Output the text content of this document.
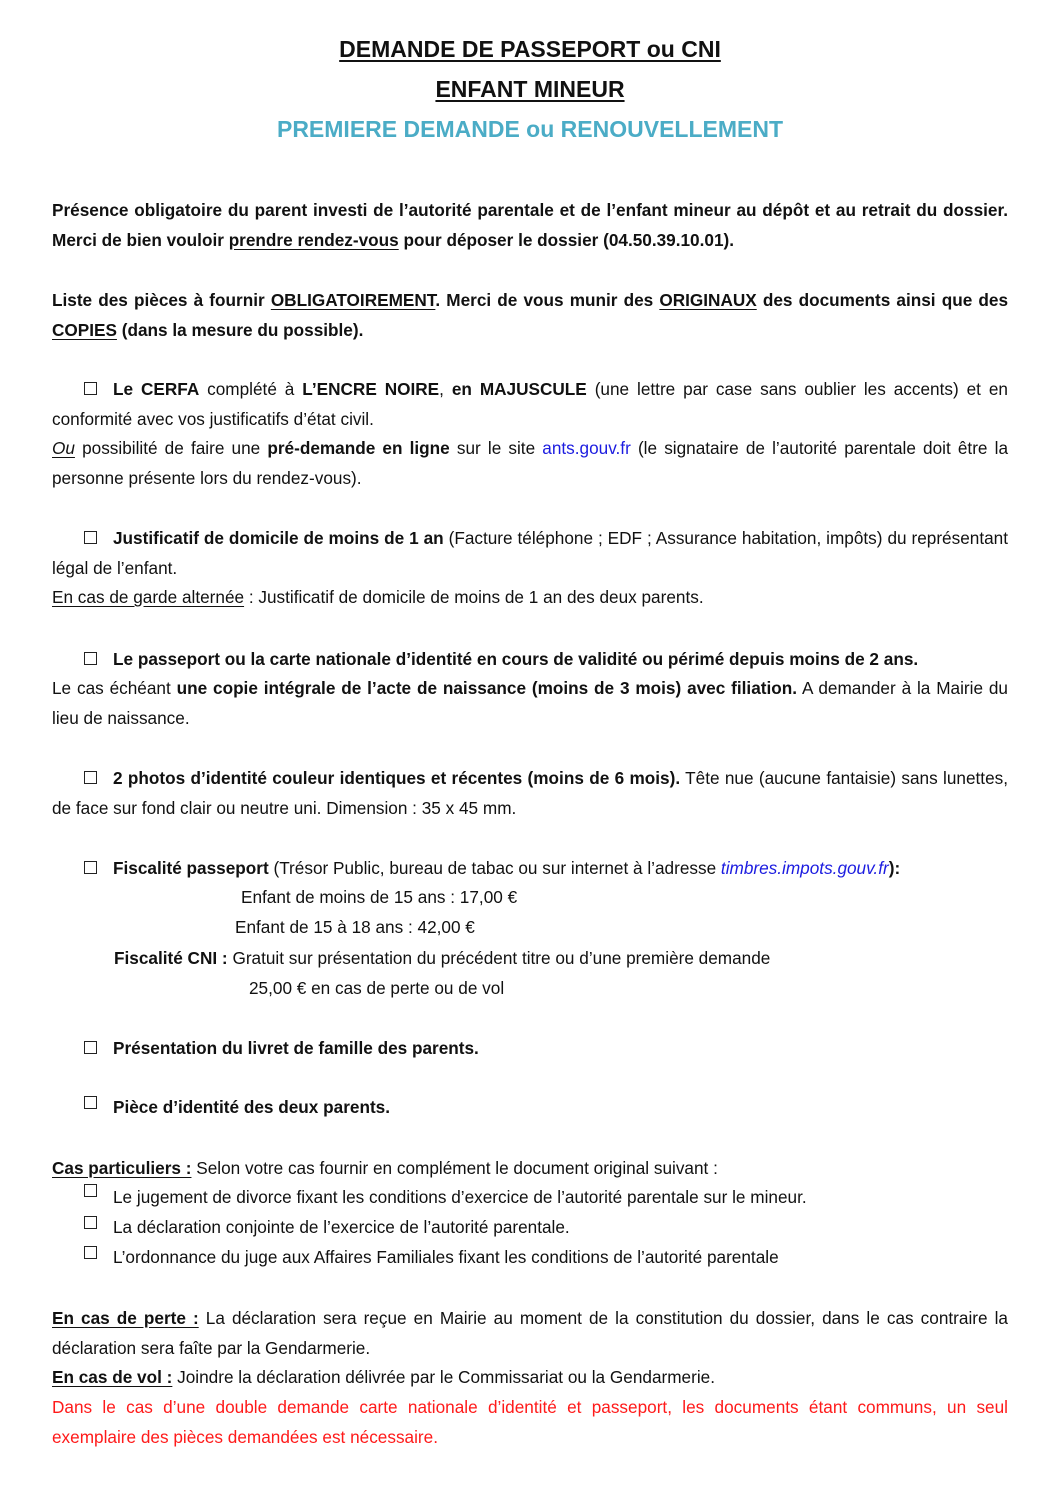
DEMANDE DE PASSEPORT ou CNI
ENFANT MINEUR
PREMIERE DEMANDE ou RENOUVELLEMENT
Présence obligatoire du parent investi de l’autorité parentale et de l’enfant mineur au dépôt et au retrait du dossier. Merci de bien vouloir prendre rendez-vous pour déposer le dossier (04.50.39.10.01).
Liste des pièces à fournir OBLIGATOIREMENT. Merci de vous munir des ORIGINAUX des documents ainsi que des COPIES (dans la mesure du possible).
Le CERFA complété à L’ENCRE NOIRE, en MAJUSCULE (une lettre par case sans oublier les accents) et en conformité avec vos justificatifs d’état civil.
Ou possibilité de faire une pré-demande en ligne sur le site ants.gouv.fr (le signataire de l’autorité parentale doit être la personne présente lors du rendez-vous).
Justificatif de domicile de moins de 1 an (Facture téléphone ; EDF ; Assurance habitation, impôts) du représentant légal de l’enfant.
En cas de garde alternée : Justificatif de domicile de moins de 1 an des deux parents.
Le passeport ou la carte nationale d’identité en cours de validité ou périmé depuis moins de 2 ans.
Le cas échéant une copie intégrale de l’acte de naissance (moins de 3 mois) avec filiation. A demander à la Mairie du lieu de naissance.
2 photos d’identité couleur identiques et récentes (moins de 6 mois). Tête nue (aucune fantaisie) sans lunettes, de face sur fond clair ou neutre uni. Dimension : 35 x 45 mm.
Fiscalité passeport (Trésor Public, bureau de tabac ou sur internet à l’adresse timbres.impots.gouv.fr):
Enfant de moins de 15 ans : 17,00 €
Enfant de 15 à 18 ans : 42,00 €
Fiscalité CNI : Gratuit sur présentation du précédent titre ou d’une première demande
25,00 € en cas de perte ou de vol
Présentation du livret de famille des parents.
Pièce d’identité des deux parents.
Cas particuliers : Selon votre cas fournir en complément le document original suivant :
Le jugement de divorce fixant les conditions d’exercice de l’autorité parentale sur le mineur.
La déclaration conjointe de l’exercice de l’autorité parentale.
L’ordonnance du juge aux Affaires Familiales fixant les conditions de l’autorité parentale
En cas de perte : La déclaration sera reçue en Mairie au moment de la constitution du dossier, dans le cas contraire la déclaration sera faîte par la Gendarmerie.
En cas de vol : Joindre la déclaration délivrée par le Commissariat ou la Gendarmerie.
Dans le cas d’une double demande carte nationale d’identité et passeport, les documents étant communs, un seul exemplaire des pièces demandées est nécessaire.
